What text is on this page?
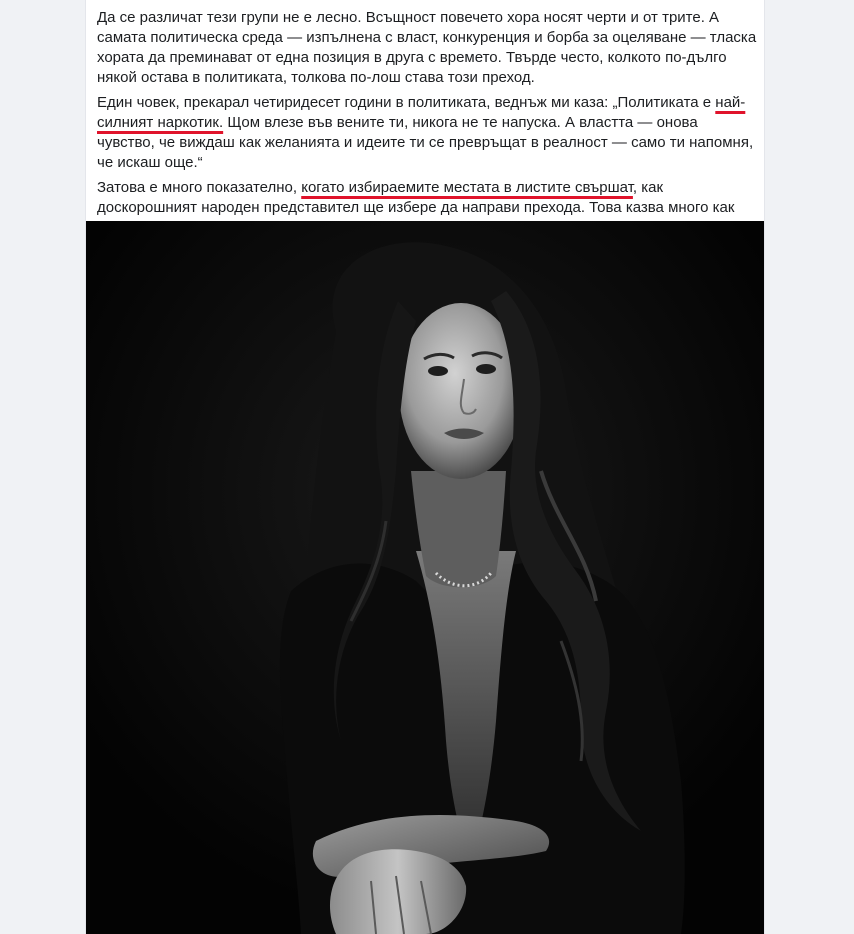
Да се различат тези групи не е лесно. Всъщност повечето хора носят черти и от трите. А самата политическа среда — изпълнена с власт, конкуренция и борба за оцеляване — тласка хората да преминават от една позиция в друга с времето. Твърде често, колкото по-дълго някой остава в политиката, толкова по-лош става този преход.

Един човек, прекарал четиридесет години в политиката, веднъж ми каза: „Политиката е най-силният наркотик. Щом влезе във вените ти, никога не те напуска. А властта — онова чувство, че виждаш как желанията и идеите ти се превръщат в реалност — само ти напомня, че искаш още.“

Затова е много показателно, когато избираемите местата в листите свършат, как доскорошният народен представител ще избере да направи прехода. Това казва много как
